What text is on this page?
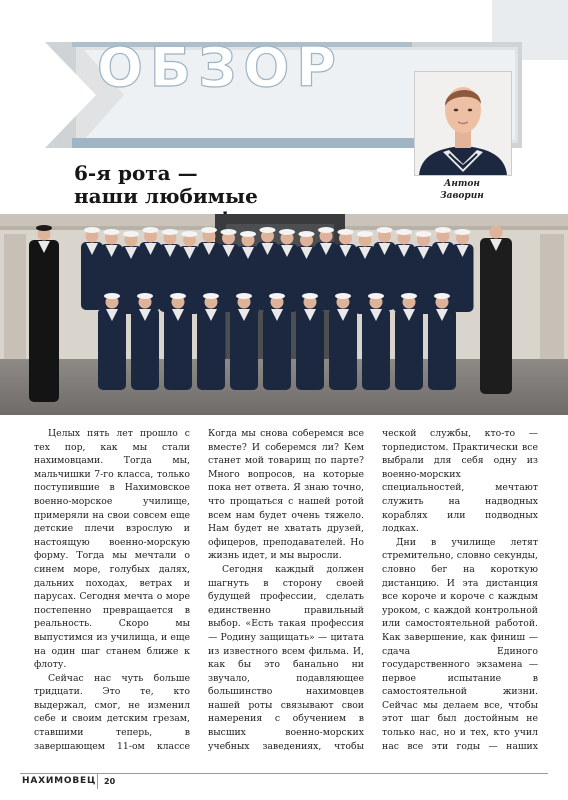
ОБЗОР
Антон
Заворин
6-я рота —
наши любимые

Целых пять лет прошло с тех пор, как мы стали нахимовцами. Тогда мы, мальчишки 7-го класса, только поступившие в Нахимовское военно-морское училище, примеряли на свои совсем еще детские плечи взрослую и настоящую военно-морскую форму. Тогда мы мечтали о синем море, голубых далях, дальних походах, ветрах и парусах. Сегодня мечта о море постепенно превращается в реальность. Скоро мы выпустимся из училища, и еще на один шаг станем ближе к флоту.

Сейчас нас чуть больше тридцати. Это те, кто выдержал, смог, не изменил себе и своим детским грезам, ставшими теперь, в завершающем 11-ом классе

Когда мы снова соберемся все вместе? И соберемся ли? Кем станет мой товарищ по парте? Много вопросов, на которые пока нет ответа. Я знаю точно, что прощаться с нашей ротой всем нам будет очень тяжело. Нам будет не хватать друзей, офицеров, преподавателей. Но жизнь идет, и мы выросли.

Сегодня каждый должен шагнуть в сторону своей будущей профессии, сделать единственно правильный выбор. «Есть такая профессия — Родину защищать» — цитата из известного всем фильма. И, как бы это банально ни звучало, подавляющее большинство нахимовцев нашей роты связывают свои намерения с обучением в высших военно-морских учебных заведениях, чтобы

ческой службы, кто-то — торпедистом. Практически все выбрали для себя одну из военно-морских специальностей, мечтают служить на надводных кораблях или подводных лодках.

Дни в училище летят стремительно, словно секунды, словно бег на короткую дистанцию. И эта дистанция все короче и короче с каждым уроком, с каждой контрольной или самостоятельной работой. Как завершение, как финиш — сдача Единого государственного экзамена — первое испытание в самостоятельной жизни. Сейчас мы делаем все, чтобы этот шаг был достойным не только нас, но и тех, кто учил нас все эти годы — наших

НАХИМОВЕЦ 20
